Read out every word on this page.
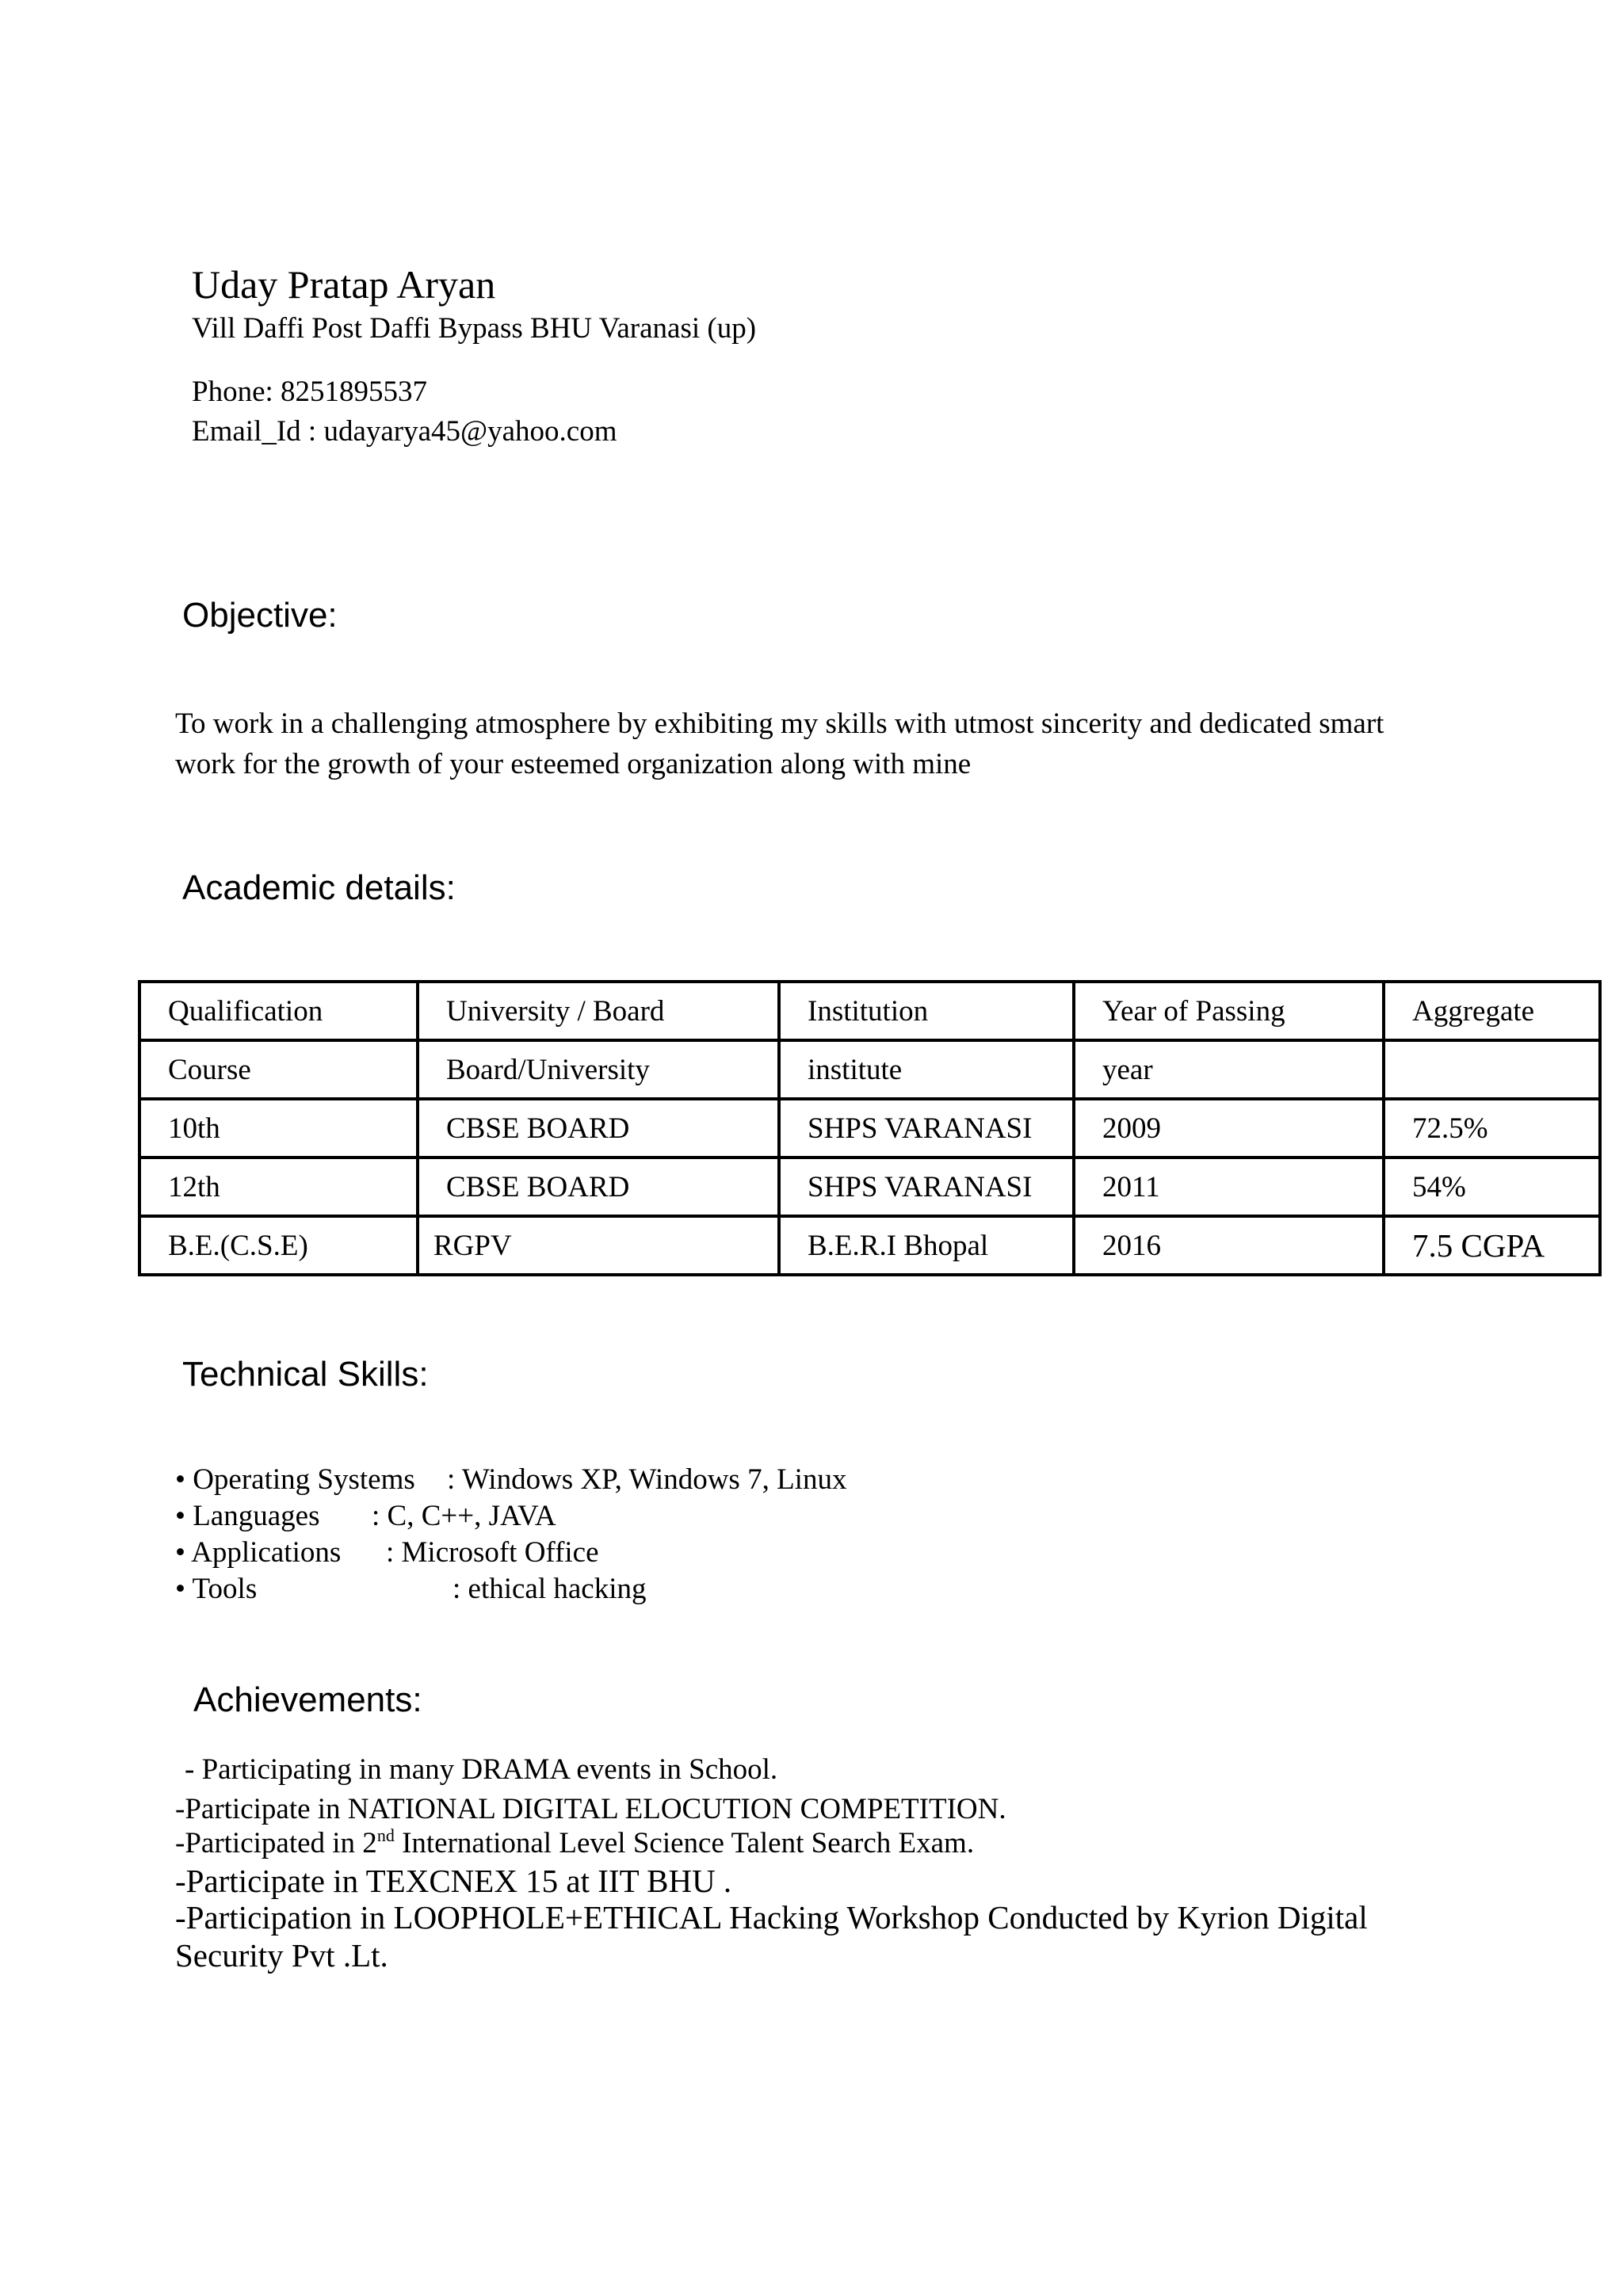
Uday Pratap Aryan
Vill Daffi Post Daffi Bypass BHU Varanasi (up)
Phone: 8251895537
Email_Id : udayarya45@yahoo.com
Objective:
To work in a challenging atmosphere by exhibiting my skills with utmost sincerity and dedicated smart
work for the growth of your esteemed organization along with mine
Academic details:
Qualification	University / Board	Institution	Year of Passing	Aggregate
Course	Board/University	institute	year	
10th	CBSE BOARD	SHPS VARANASI	2009	72.5%
12th	CBSE BOARD	SHPS VARANASI	2011	54%
B.E.(C.S.E)	RGPV	B.E.R.I Bhopal	2016	7.5 CGPA
Technical Skills:
• Operating Systems : Windows XP, Windows 7, Linux
• Languages : C, C++, JAVA
• Applications : Microsoft Office
• Tools	: ethical hacking
Achievements:
- Participating in many DRAMA events in School.
-Participate in NATIONAL DIGITAL ELOCUTION COMPETITION.
-Participated in 2nd International Level Science Talent Search Exam.
-Participate in TEXCNEX 15 at IIT BHU .
-Participation in LOOPHOLE+ETHICAL Hacking Workshop Conducted by Kyrion Digital
Security Pvt .Lt.
